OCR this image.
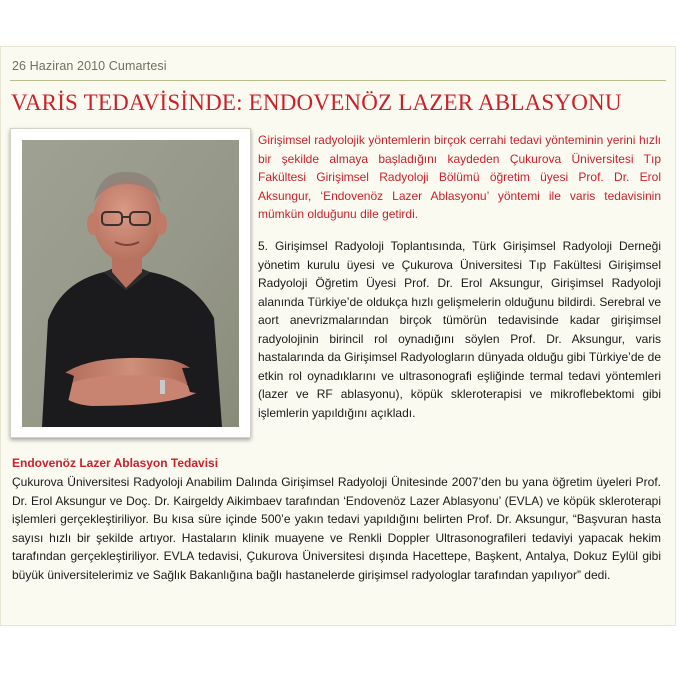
26 Haziran 2010 Cumartesi
VARİS TEDAVİSİNDE: ENDOVENÖZ LAZER ABLASYONU

Girişimsel radyolojik yöntemlerin birçok cerrahi tedavi yönteminin yerini hızlı bir şekilde almaya başladığını kaydeden Çukurova Üniversitesi Tıp Fakültesi Girişimsel Radyoloji Bölümü öğretim üyesi Prof. Dr. Erol Aksungur, ‘Endovenöz Lazer Ablasyonu’ yöntemi ile varis tedavisinin mümkün olduğunu dile getirdi.

5. Girişimsel Radyoloji Toplantısında, Türk Girişimsel Radyoloji Derneği yönetim kurulu üyesi ve Çukurova Üniversitesi Tıp Fakültesi Girişimsel Radyoloji Öğretim Üyesi Prof. Dr. Erol Aksungur, Girişimsel Radyoloji alanında Türkiye’de oldukça hızlı gelişmelerin olduğunu bildirdi. Serebral ve aort anevrizmalarından birçok tümörün tedavisinde kadar girişimsel radyolojinin birincil rol oynadığını söylen Prof. Dr. Aksungur, varis hastalarında da Girişimsel Radyologların dünyada olduğu gibi Türkiye’de de etkin rol oynadıklarını ve ultrasonografi eşliğinde termal tedavi yöntemleri (lazer ve RF ablasyonu), köpük skleroterapisi ve mikroflebektomi gibi işlemlerin yapıldığını açıkladı.

Endovenöz Lazer Ablasyon Tedavisi

Çukurova Üniversitesi Radyoloji Anabilim Dalında Girişimsel Radyoloji Ünitesinde 2007’den bu yana öğretim üyeleri Prof. Dr. Erol Aksungur ve Doç. Dr. Kairgeldy Aikimbaev tarafından ‘Endovenöz Lazer Ablasyonu’ (EVLA) ve köpük skleroterapi işlemleri gerçekleştiriliyor. Bu kısa süre içinde 500’e yakın tedavi yapıldığını belirten Prof. Dr. Aksungur, “Başvuran hasta sayısı hızlı bir şekilde artıyor. Hastaların klinik muayene ve Renkli Doppler Ultrasonografileri tedaviyi yapacak hekim tarafından gerçekleştiriliyor. EVLA tedavisi, Çukurova Üniversitesi dışında Hacettepe, Başkent, Antalya, Dokuz Eylül gibi büyük üniversitelerimiz ve Sağlık Bakanlığına bağlı hastanelerde girişimsel radyologlar tarafından yapılıyor” dedi.
